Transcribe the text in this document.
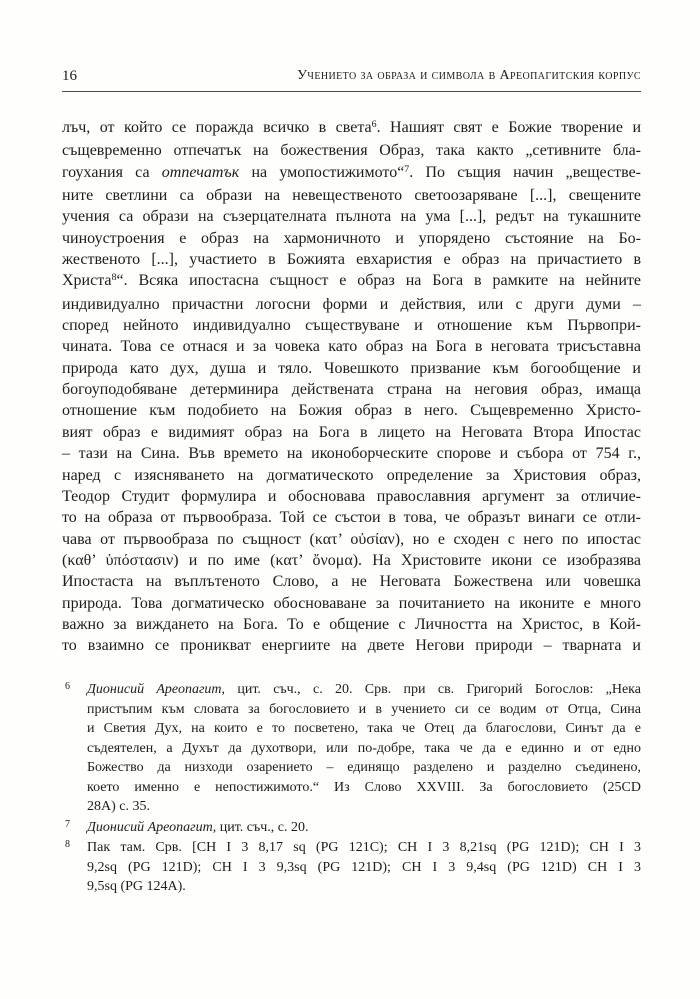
16	Учението за образа и символа в Ареопагитския корпус
лъч, от който се поражда всичко в света$^6$. Нашият свят е Божие творение и
същевременно отпечатък на божествения Образ, така както „сетивните бла-
гоухания са отпечатък на умопостижимото“$^7$. По същия начин „веществе-
ните светлини са образи на невещественото светоозаряване [...], свещените
учения са образи на съзерцателната пълнота на ума [...], редът на тукашните
чиноустроения е образ на хармоничното и упорядено състояние на Бо-
жественото [...], участието в Божията евхаристия е образ на причастието в
Христа$^8$“. Всяка ипостасна същност е образ на Бога в рамките на нейните
индивидуално причастни логосни форми и действия, или с други думи –
според нейното индивидуално съществуване и отношение към Първопри-
чината. Това се отнася и за човека като образ на Бога в неговата трисъставна
природа като дух, душа и тяло. Човешкото призвание към богообщение и
богоуподобяване детерминира действената страна на неговия образ, имаща
отношение към подобието на Божия образ в него. Същевременно Христо-
вият образ е видимият образ на Бога в лицето на Неговата Втора Ипостас
– тази на Сина. Във времето на иконоборческите спорове и събора от 754 г.,
наред с изясняването на догматическото определение за Христовия образ,
Теодор Студит формулира и обосновава православния аргумент за отличие-
то на образа от първообраза. Той се състои в това, че образът винаги се отли-
чава от първообраза по същност (κατ’ οὐσίαν), но е сходен с него по ипостас
(καθ’ ὑπόστασιν) и по име (κατ’ ὄνομα). На Христовите икони се изобразява
Ипостаста на въплътеното Слово, а не Неговата Божествена или човешка
природа. Това догматическо обосноваване за почитанието на иконите е много
важно за виждането на Бога. То е общение с Личността на Христос, в Кой-
то взаимно се проникват енергиите на двете Негови природи – тварната и
6 Дионисий Ареопагит, цит. съч., с. 20. Срв. при св. Григорий Богослов: „Нека
пристъпим към словата за богословието и в учението си се водим от Отца, Сина
и Светия Дух, на които е то посветено, така че Отец да благослови, Синът да е
съдеятелен, а Духът да духотвори, или по-добре, така че да е единно и от едно
Божество да низходи озарението – единящо разделено и разделно съединено,
което именно е непостижимото.“ Из Слово XXVIII. За богословието (25CD
28A) с. 35.
7 Дионисий Ареопагит, цит. съч., с. 20.
8 Пак там. Срв. [CH I 3 8,17 sq (PG 121C); CH I 3 8,21sq (PG 121D); CH I 3
9,2sq (PG 121D); CH I 3 9,3sq (PG 121D); CH I 3 9,4sq (PG 121D) CH I 3
9,5sq (PG 124A).
